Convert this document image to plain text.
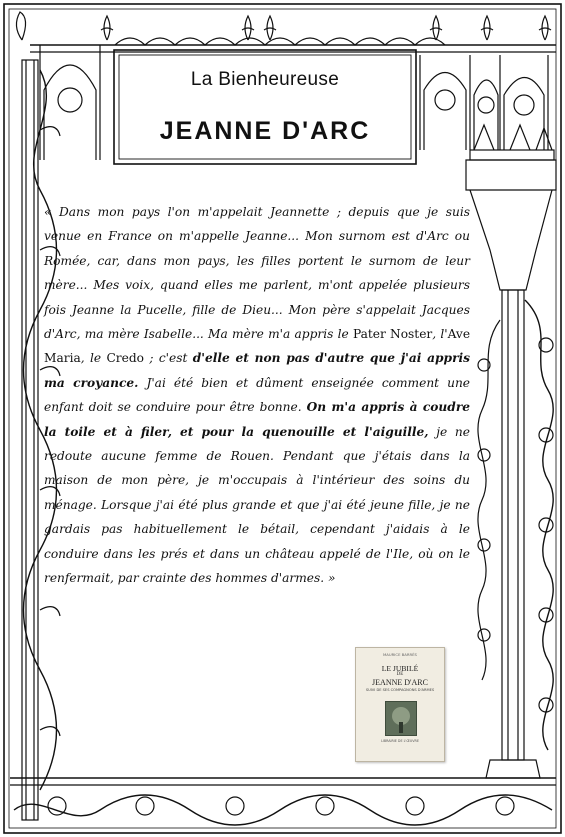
La Bienheureuse
JEANNE D'ARC
« Dans mon pays l'on m'appelait Jeannette ; depuis que je suis venue en France on m'appelle Jeanne... Mon surnom est d'Arc ou Romée, car, dans mon pays, les filles portent le surnom de leur mère... Mes voix, quand elles me parlent, m'ont appelée plusieurs fois Jeanne la Pucelle, fille de Dieu... Mon père s'appelait Jacques d'Arc, ma mère Isabelle... Ma mère m'a appris le Pater Noster, l'Ave Maria, le Credo ; c'est d'elle et non pas d'autre que j'ai appris ma croyance. J'ai été bien et dûment enseignée comment une enfant doit se conduire pour être bonne. On m'a appris à coudre la toile et à filer, et pour la quenouille et l'aiguille, je ne redoute aucune femme de Rouen. Pendant que j'étais dans la maison de mon père, je m'occupais à l'intérieur des soins du ménage. Lorsque j'ai été plus grande et que j'ai été jeune fille, je ne gardais pas habituellement le bétail, cependant j'aidais à le conduire dans les prés et dans un château appelé de l'Ile, où on le renfermait, par crainte des hommes d'armes. »
MAURICE BARRÈS
LE JUBILÉ
DE
JEANNE D'ARC
SUIVI DE SES COMPAGNONS D'ARMES
LIBRAIRIE DE L'ŒUVRE
